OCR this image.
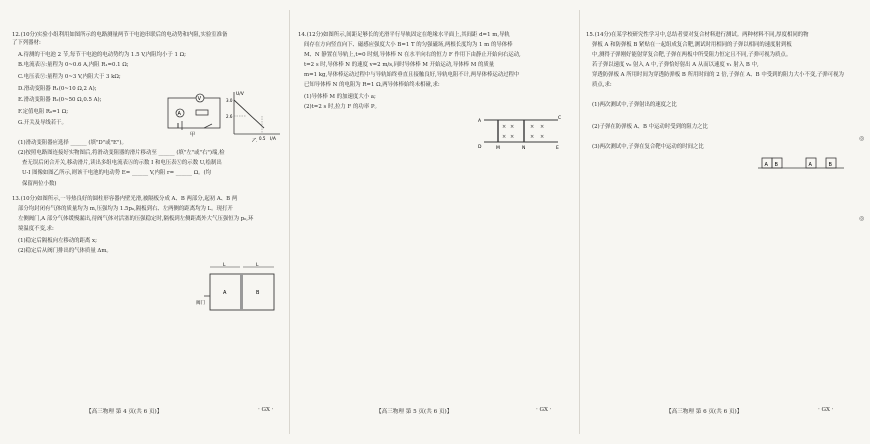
12.(10分)实验小组利用如图所示的电路测量两节干电池串联后的电动势和内阻,实验室准备
了下列器材:
A.待测的干电池 2 节,每节干电池的电动势约为 1.5 V,内阻均小于 1 Ω;
B.电流表Ⓐ:量程为 0~0.6 A,内阻 R₁=0.1 Ω;
C.电压表Ⓥ:量程为 0~3 V,内阻大于 3 kΩ;
D.滑动变阻器 R₁(0~10 Ω,2 A);
E.滑动变阻器 R₂(0~50 Ω,0.5 A);
F.定值电阻 R₀=1 Ω;
G.开关及导线若干。
(1)滑动变阻器应选择 ______ (填"D"或"E")。
(2)按照电路图连接好实物图后,将滑动变阻器的滑片移动至 ______ (填"左"或"右")端,检
查无误后闭合开关,移动滑片,读出多组电流表Ⓐ的示数 I 和电压表Ⓥ的示数 U,绘制出
U-I 图像如图乙所示,则该干电池的电动势 E= ______ V,内阻 r= ______ Ω。(均
保留两位小数)
V
A
甲
U/V
I/A
3.0
2.6
0.5
乙
13.(10分)如图所示,一导热良好的圆柱形容器内壁光滑,被隔板分成 A、B 两部分,起初 A、B 两
部分均封闭有气体的质量均为 m,压强均为 1.5p₀,隔板到右、左两侧的距离均为 L。现打开
左侧阀门,A 部分气体缓慢漏出,待阀气体对活塞的压强稳定时,隔板到左侧距离外大气压强恒为 p₀,环
境温度不变,求:
(1)稳定后隔板向左移动的距离 x;
(2)稳定后从阀门排出的气体质量 Δm。
L	L
A	B
阀门
【高三物理 第 4 页(共 6 页)】	· GX ·
14.(12分)如图所示,间距足够长的光滑平行导轨固定在绝缘水平面上,其间距 d=1 m,导轨
间存在方向竖直向下、磁感应强度大小 B=1 T 的匀强磁场,两根长度均为 1 m 的导体棒
M、N 静置在导轨上,t=0 时刻,导体棒 N 在水平向右的恒力 F 作用下由静止开始向右运动,
t=2 s 时,导体棒 N 的速度 v=2 m/s,同时导体棒 M 开始运动,导体棒 M 的质量
m=1 kg,导体棒运动过程中与导轨始终垂直且接触良好,导轨电阻不计,两导体棒运动过程中
已知导体棒 N 的电阻为 R=1 Ω,两导体棒始终未相碰,求:
(1)导体棒 M 的加速度大小 a;
(2)t=2 s 时,拉力 F 的功率 P。
× ×	× ×
× ×	× ×
A
C
D	M	N	E
【高三物理 第 5 页(共 6 页)】	· GX ·
15.(14分)在某学校研究性学习中,总结者要对复合材料进行测试。两种材料不同,厚度相同的物
弹板 A 和防弹板 B 紧贴在一起组成复合靶,测试时用相同的子弹以相同的速度射到板
中,测得子弹刚好能射穿复合靶,子弹在两板中所受阻力恒定且不同,子弹可视为质点。
若子弹以速度 v₀ 射入 A 中,子弹恰好射出 A 从而以速度 v₁ 射入 B 中,
穿透防弹板 A 所用时间为穿透防弹板 B 所用时间的 2 倍,子弹在 A、B 中受到的阻力大小不变,子弹可视为
质点,求:
(1)两次测试中,子弹射出的速度之比
(2)子弹在防弹板 A、B 中运动时受到的阻力之比
(3)两次测试中,子弹在复合靶中运动的时间之比
A B	A	B
◎
◎
【高三物理 第 6 页(共 6 页)】	· GX ·
